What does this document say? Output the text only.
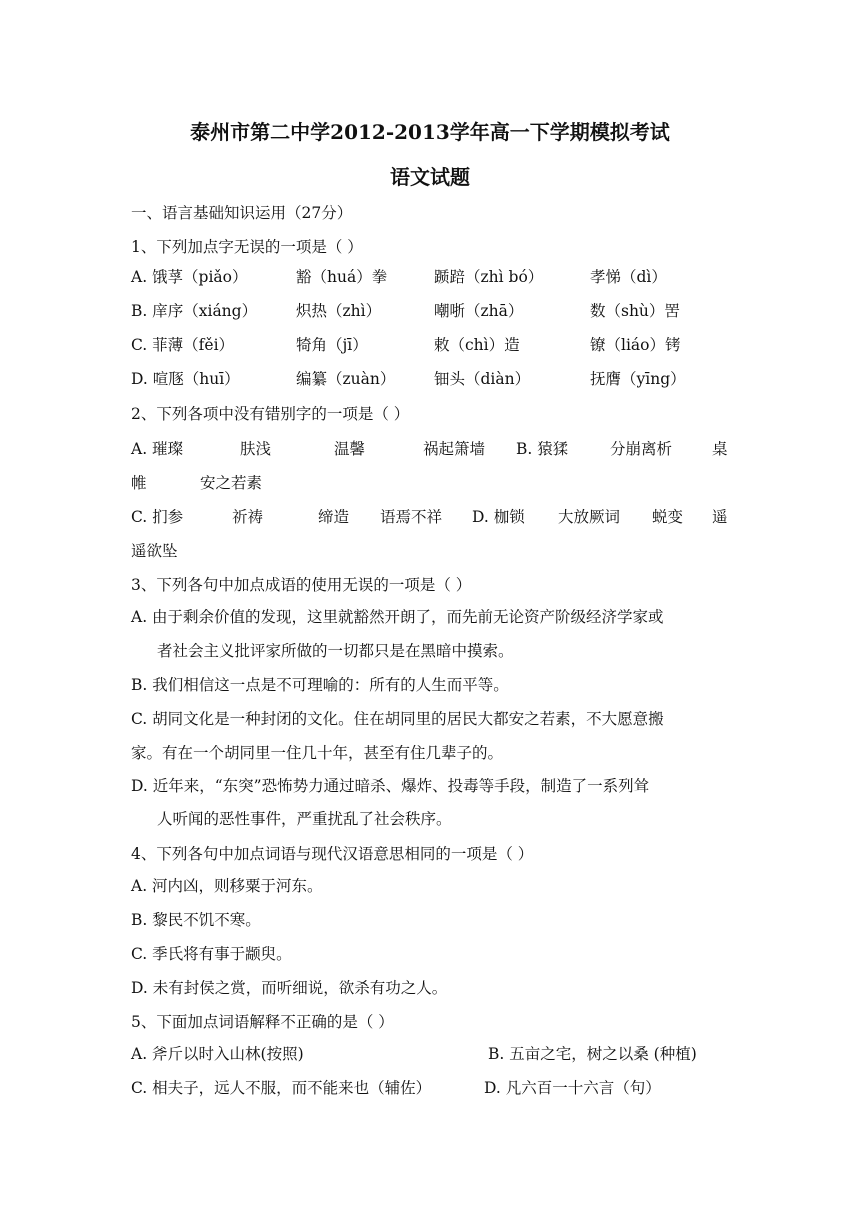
泰州市第二中学2012-2013学年高一下学期模拟考试
语文试题
一、语言基础知识运用（27分）
1、下列加点字无误的一项是（ ）
A. 饿莩（piǎo）	豁（huá）拳	踬踣（zhì bó）	孝悌（dì）
B. 庠序（xiáng）	炽热（zhì）	嘲哳（zhā）	数（shù）罟
C. 菲薄（fěi）	犄角（jī）	敕（chì）造	镣（liáo）铐
D. 喧豗（huī）	编纂（zuàn） 钿头（diàn）	抚膺（yīng）
2、下列各项中没有错别字的一项是（ ）
A. 璀璨	肤浅	温馨	祸起箫墙 B. 猿猱	分崩离析	桌
帷	安之若素
C. 扪参	祈祷	缔造 语焉不祥 D. 枷锁 大放厥词 蜕变 遥
遥欲坠
3、下列各句中加点成语的使用无误的一项是（ ）
A. 由于剩余价值的发现，这里就豁然开朗了，而先前无论资产阶级经济学家或
者社会主义批评家所做的一切都只是在黑暗中摸索。
B. 我们相信这一点是不可理喻的：所有的人生而平等。
C. 胡同文化是一种封闭的文化。住在胡同里的居民大都安之若素，不大愿意搬
家。有在一个胡同里一住几十年，甚至有住几辈子的。
D. 近年来，“东突”恐怖势力通过暗杀、爆炸、投毒等手段，制造了一系列耸
人听闻的恶性事件，严重扰乱了社会秩序。
4、下列各句中加点词语与现代汉语意思相同的一项是（ ）
A. 河内凶，则移粟于河东。
B. 黎民不饥不寒。
C. 季氏将有事于颛臾。
D. 未有封侯之赏，而听细说，欲杀有功之人。
5、下面加点词语解释不正确的是（ ）
A. 斧斤以时入山林(按照)	B. 五亩之宅，树之以桑 (种植)
C. 相夫子，远人不服，而不能来也（辅佐）	D. 凡六百一十六言（句）
